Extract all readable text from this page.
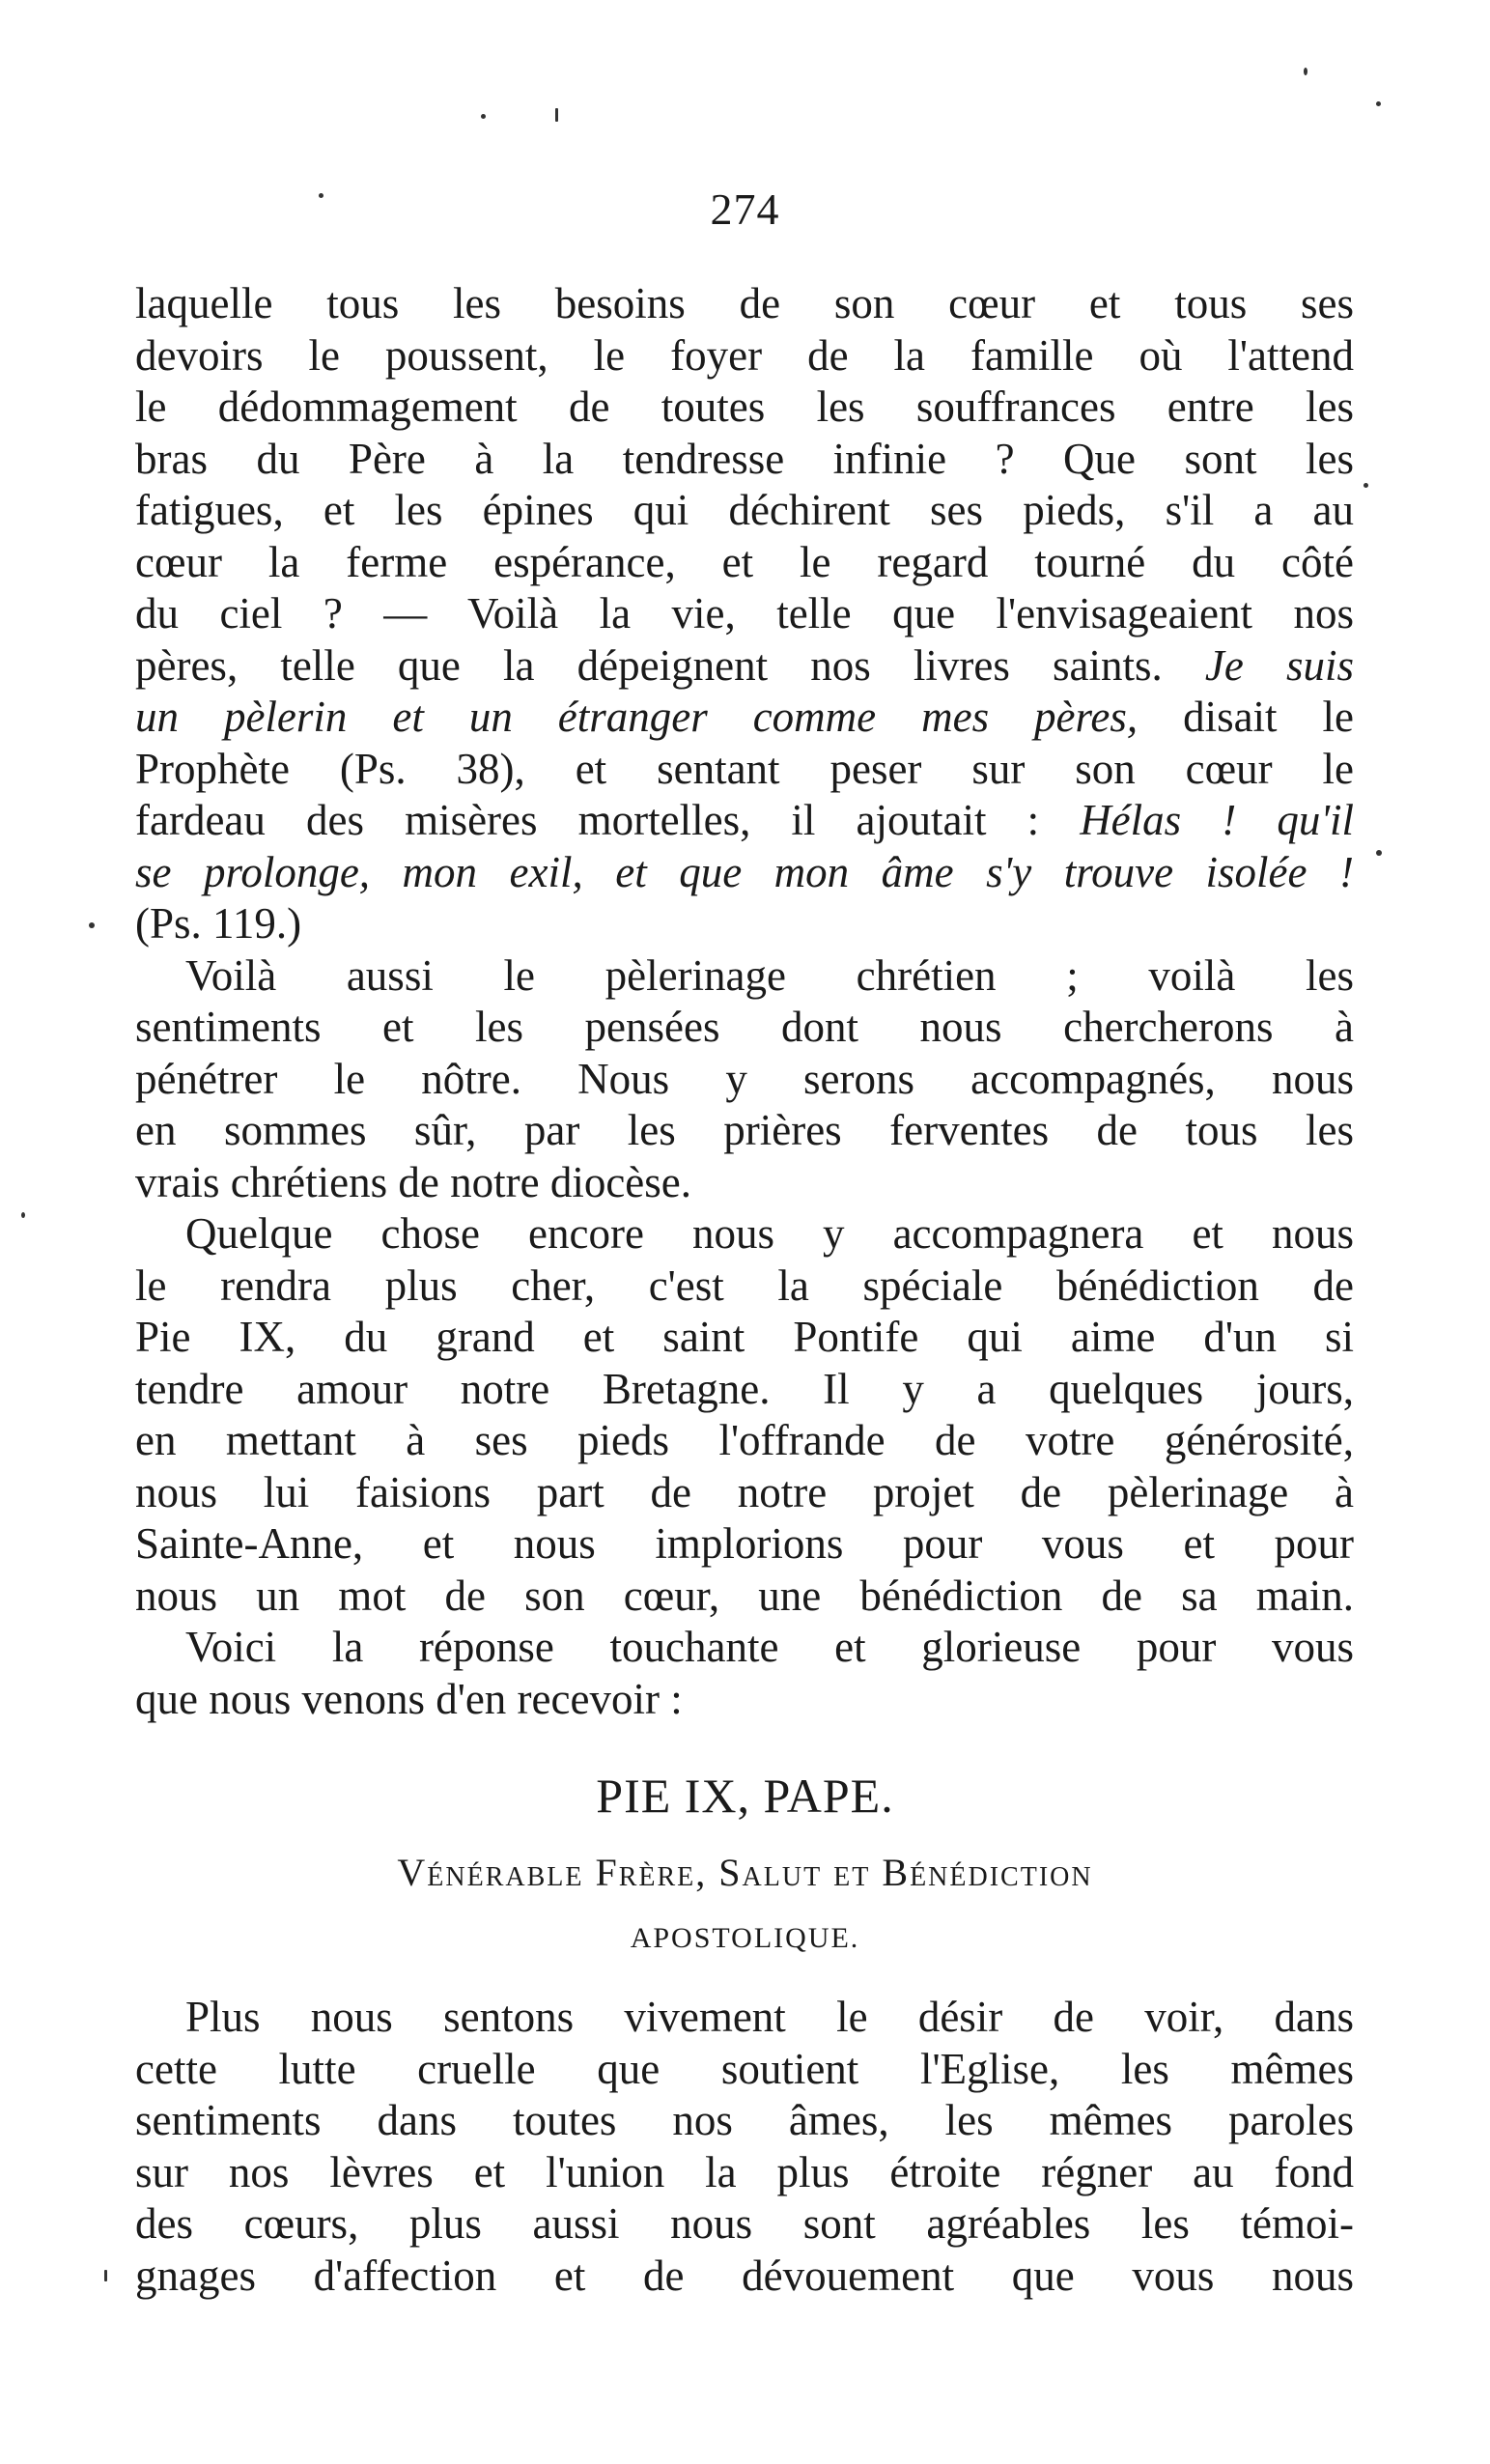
274
laquelle tous les besoins de son cœur et tous ses
devoirs le poussent, le foyer de la famille où l'attend
le dédommagement de toutes les souffrances entre les
bras du Père à la tendresse infinie ? Que sont les
fatigues, et les épines qui déchirent ses pieds, s'il a au
cœur la ferme espérance, et le regard tourné du côté
du ciel ? — Voilà la vie, telle que l'envisageaient nos
pères, telle que la dépeignent nos livres saints. Je suis
un pèlerin et un étranger comme mes pères, disait le
Prophète (Ps. 38), et sentant peser sur son cœur le
fardeau des misères mortelles, il ajoutait : Hélas ! qu'il
se prolonge, mon exil, et que mon âme s'y trouve isolée !
(Ps. 119.)
Voilà aussi le pèlerinage chrétien ; voilà les
sentiments et les pensées dont nous chercherons à
pénétrer le nôtre. Nous y serons accompagnés, nous
en sommes sûr, par les prières ferventes de tous les
vrais chrétiens de notre diocèse.
Quelque chose encore nous y accompagnera et nous
le rendra plus cher, c'est la spéciale bénédiction de
Pie IX, du grand et saint Pontife qui aime d'un si
tendre amour notre Bretagne. Il y a quelques jours,
en mettant à ses pieds l'offrande de votre générosité,
nous lui faisions part de notre projet de pèlerinage à
Sainte-Anne, et nous implorions pour vous et pour
nous un mot de son cœur, une bénédiction de sa main.
Voici la réponse touchante et glorieuse pour vous
que nous venons d'en recevoir :
PIE IX, PAPE.
Vénérable Frère, Salut et Bénédiction
APOSTOLIQUE.
Plus nous sentons vivement le désir de voir, dans
cette lutte cruelle que soutient l'Eglise, les mêmes
sentiments dans toutes nos âmes, les mêmes paroles
sur nos lèvres et l'union la plus étroite régner au fond
des cœurs, plus aussi nous sont agréables les témoi-
gnages d'affection et de dévouement que vous nous
